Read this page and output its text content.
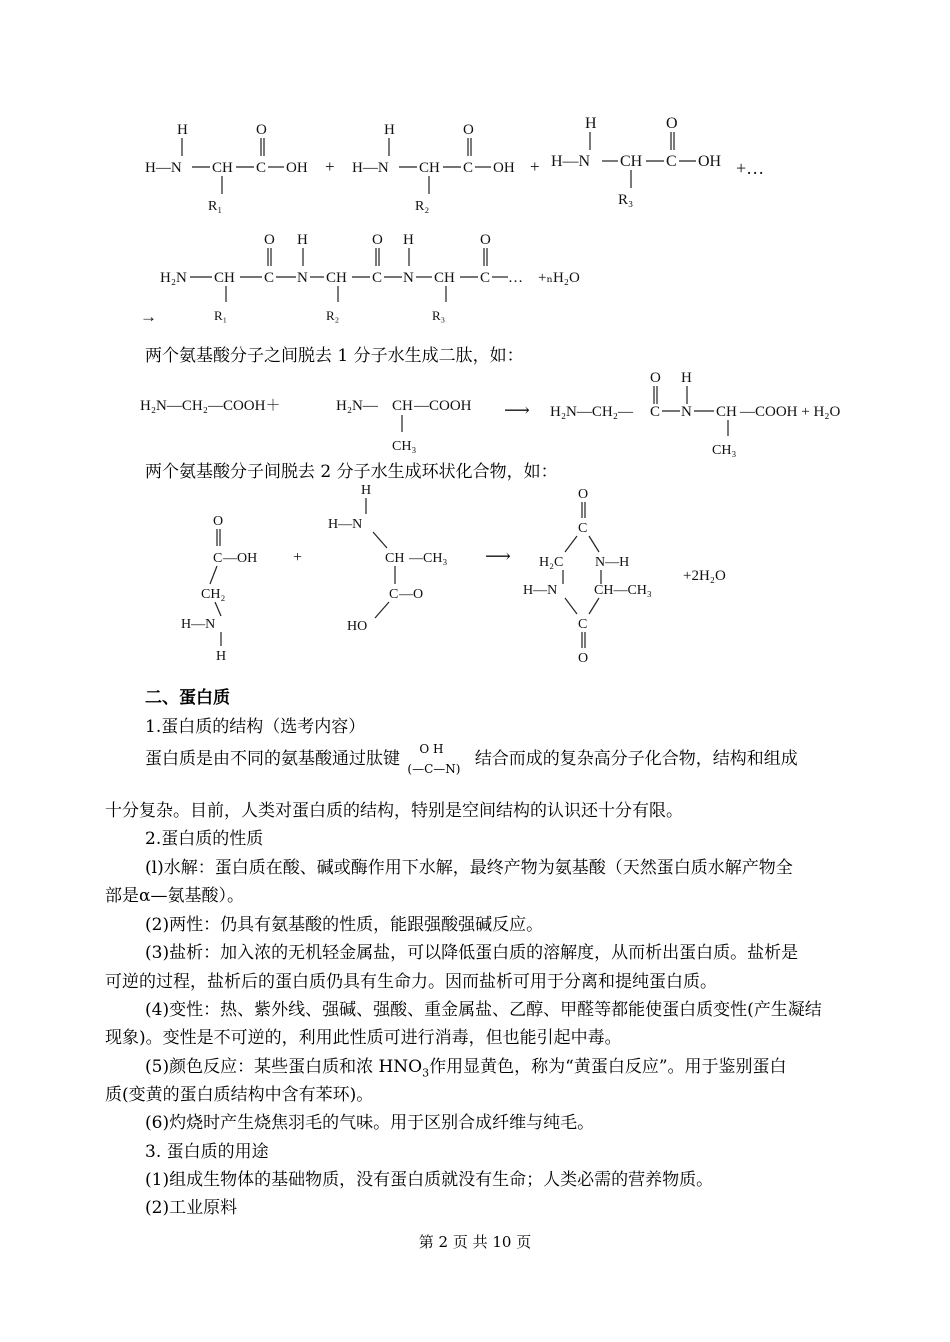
H
H—N CH C
O
OH
R₁
+
H
H—N CH C
O
OH
R₂
+
H
H—N CH C
O
OH
R₃
+…
→
H₂N CH
R₁
C
O
N
H
CH
R₂
C
O
N
H
CH
R₃
C
O
… +ₙH₂O
两个氨基酸分子之间脱去 1 分子水生成二肽，如：
H₂N—CH₂—COOH＋	H₂N— CH —COOH
CH₃
⟶ H₂N—CH₂— C
O
N
H
CH
CH₃
—COOH + H₂O
两个氨基酸分子间脱去 2 分子水生成环状化合物，如：
O
C —OH
CH₂
H—N
H
+
H
H—N
CH —CH₃
C —O
HO
⟶
O
C
H₂C N—H
H—N	CH—CH₃
C
O
+2H₂O
二、蛋白质
1.蛋白质的结构（选考内容）
蛋白质是由不同的氨基酸通过肽键 O H
(—C—N) 结合而成的复杂高分子化合物，结构和组成
十分复杂。目前，人类对蛋白质的结构，特别是空间结构的认识还十分有限。
2.蛋白质的性质
(l)水解：蛋白质在酸、碱或酶作用下水解，最终产物为氨基酸（天然蛋白质水解产物全
部是α—氨基酸）。
(2)两性：仍具有氨基酸的性质，能跟强酸强碱反应。
(3)盐析：加入浓的无机轻金属盐，可以降低蛋白质的溶解度，从而析出蛋白质。盐析是
可逆的过程，盐析后的蛋白质仍具有生命力。因而盐析可用于分离和提纯蛋白质。
(4)变性：热、紫外线、强碱、强酸、重金属盐、乙醇、甲醛等都能使蛋白质变性(产生凝结
现象)。变性是不可逆的，利用此性质可进行消毒，但也能引起中毒。
(5)颜色反应：某些蛋白质和浓 $HNO_3$作用显黄色，称为“黄蛋白反应”。用于鉴别蛋白
质(变黄的蛋白质结构中含有苯环)。
(6)灼烧时产生烧焦羽毛的气味。用于区别合成纤维与纯毛。
3. 蛋白质的用途
(1)组成生物体的基础物质，没有蛋白质就没有生命；人类必需的营养物质。
(2)工业原料
第 2 页 共 10 页
